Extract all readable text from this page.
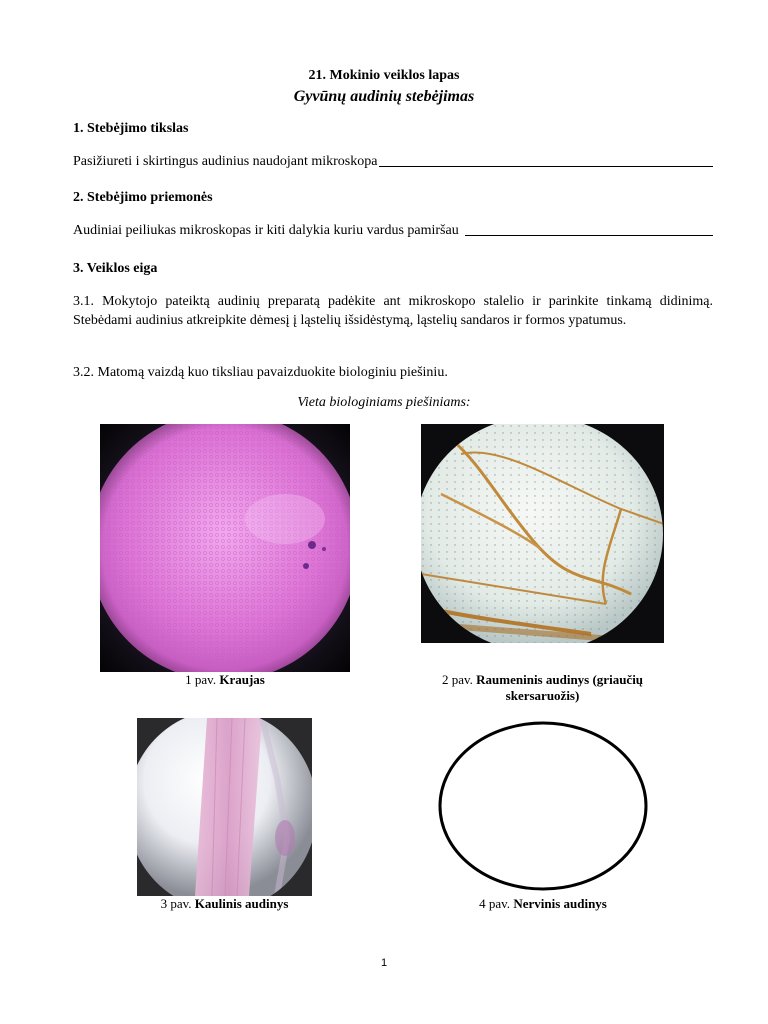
21. Mokinio veiklos lapas
Gyvūnų audinių stebėjimas
1. Stebėjimo tikslas
Pasižiureti i skirtingus audinius naudojant mikroskopa
2. Stebėjimo priemonės
Audiniai peiliukas mikroskopas ir kiti dalykia kuriu vardus pamiršau
3. Veiklos eiga
3.1. Mokytojo pateiktą audinių preparatą padėkite ant mikroskopo stalelio ir parinkite tinkamą didinimą. Stebėdami audinius atkreipkite dėmesį į ląstelių išsidėstymą, ląstelių sandaros ir formos ypatumus.
3.2. Matomą vaizdą kuo tiksliau pavaizduokite biologiniu piešiniu.
Vieta biologiniams piešiniams:
1 pav. Kraujas	2 pav. Raumeninis audinys (griaučių skersaruožis)
3 pav. Kaulinis audinys	4 pav. Nervinis audinys
1
